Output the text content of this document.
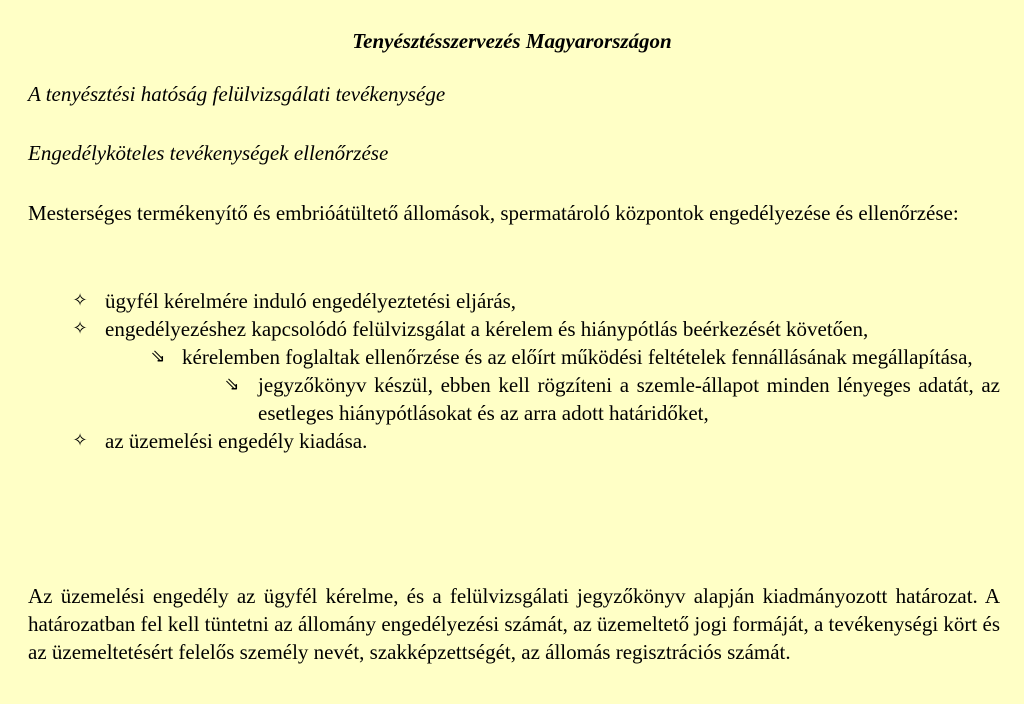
Tenyésztésszervezés Magyarországon
A tenyésztési hatóság felülvizsgálati tevékenysége
Engedélyköteles tevékenységek ellenőrzése
Mesterséges termékenyítő és embrióátültető állomások, spermatároló központok engedélyezése és ellenőrzése:
✧ ügyfél kérelmére induló engedélyeztetési eljárás,
✧ engedélyezéshez kapcsolódó felülvizsgálat a kérelem és hiánypótlás beérkezését követően,
⇘ kérelemben foglaltak ellenőrzése és az előírt működési feltételek fennállásának megállapítása,
⇘ jegyzőkönyv készül, ebben kell rögzíteni a szemle-állapot minden lényeges adatát, az esetleges hiánypótlásokat és az arra adott határidőket,
✧ az üzemelési engedély kiadása.
Az üzemelési engedély az ügyfél kérelme, és a felülvizsgálati jegyzőkönyv alapján kiadmányozott határozat. A határozatban fel kell tüntetni az állomány engedélyezési számát, az üzemeltető jogi formáját, a tevékenységi kört és az üzemeltetésért felelős személy nevét, szakképzettségét, az állomás regisztrációs számát.
